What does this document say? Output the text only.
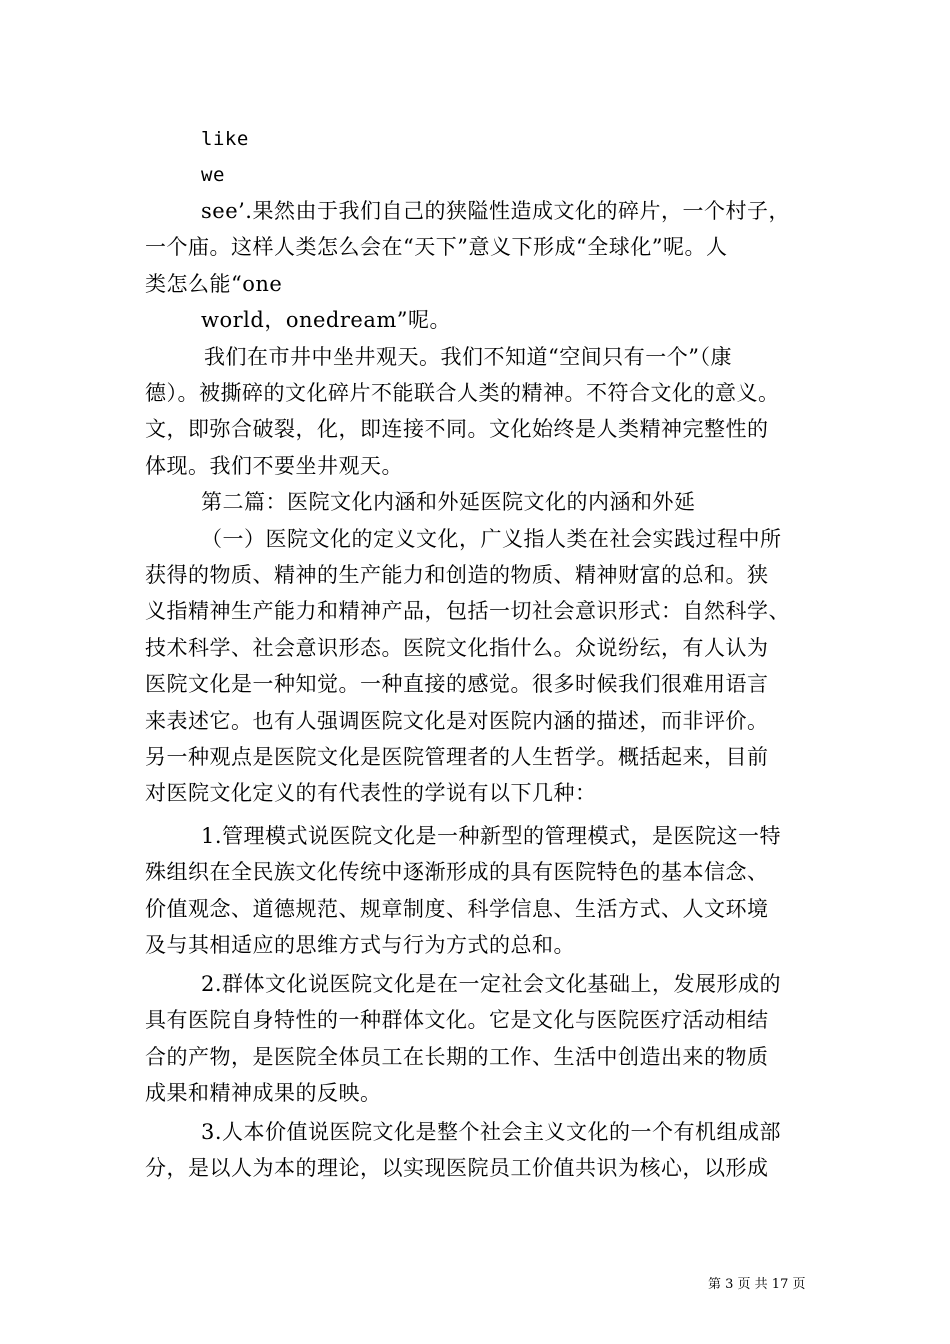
like
we
see’.果然由于我们自己的狭隘性造成文化的碎片，一个村子，
一个庙。这样人类怎么会在“天下”意义下形成“全球化”呢。人
类怎么能“one
world，onedream”呢。
我们在市井中坐井观天。我们不知道“空间只有一个”（康
德）。被撕碎的文化碎片不能联合人类的精神。不符合文化的意义。
文，即弥合破裂，化，即连接不同。文化始终是人类精神完整性的
体现。我们不要坐井观天。
第二篇：医院文化内涵和外延医院文化的内涵和外延
（一）医院文化的定义文化，广义指人类在社会实践过程中所
获得的物质、精神的生产能力和创造的物质、精神财富的总和。狭
义指精神生产能力和精神产品，包括一切社会意识形式：自然科学、
技术科学、社会意识形态。医院文化指什么。众说纷纭，有人认为
医院文化是一种知觉。一种直接的感觉。很多时候我们很难用语言
来表述它。也有人强调医院文化是对医院内涵的描述，而非评价。
另一种观点是医院文化是医院管理者的人生哲学。概括起来，目前
对医院文化定义的有代表性的学说有以下几种：
1.管理模式说医院文化是一种新型的管理模式，是医院这一特
殊组织在全民族文化传统中逐渐形成的具有医院特色的基本信念、
价值观念、道德规范、规章制度、科学信息、生活方式、人文环境
及与其相适应的思维方式与行为方式的总和。
2.群体文化说医院文化是在一定社会文化基础上，发展形成的
具有医院自身特性的一种群体文化。它是文化与医院医疗活动相结
合的产物，是医院全体员工在长期的工作、生活中创造出来的物质
成果和精神成果的反映。
3.人本价值说医院文化是整个社会主义文化的一个有机组成部
分，是以人为本的理论，以实现医院员工价值共识为核心，以形成
第 3 页 共 17 页
